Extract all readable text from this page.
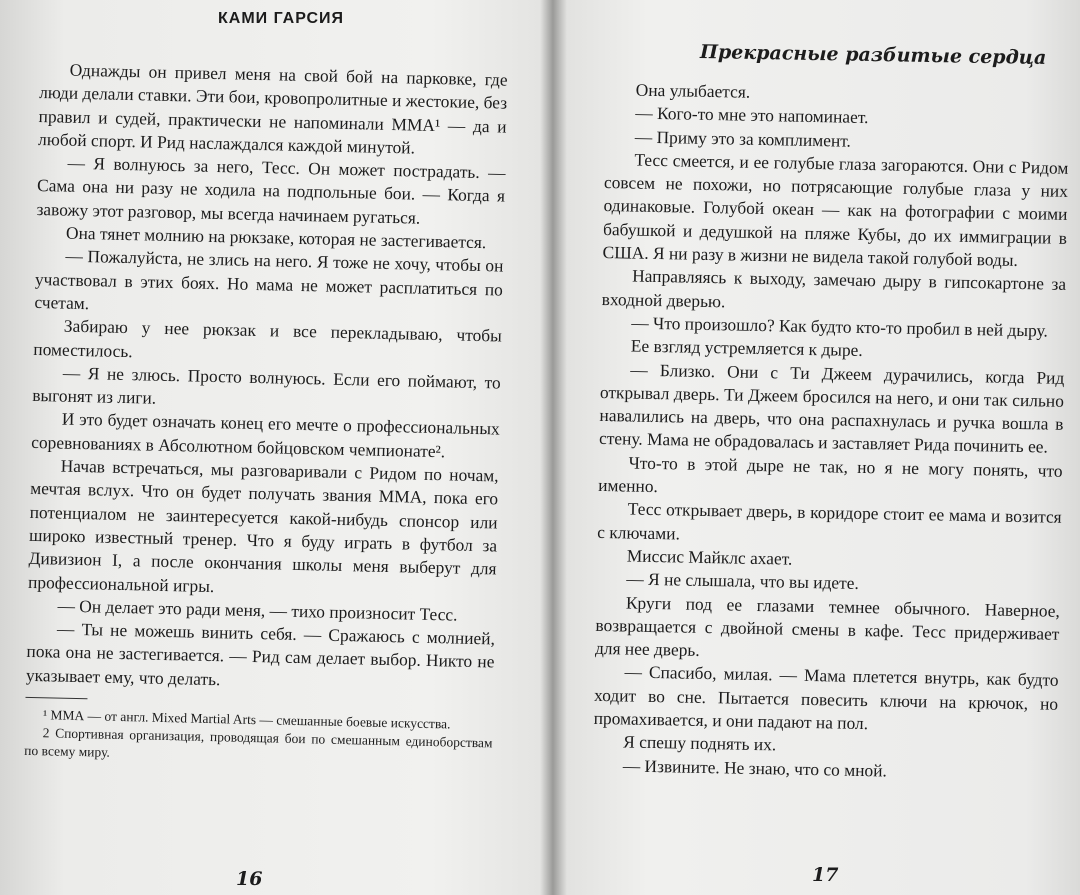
КАМИ ГАРСИЯ

Однажды он привел меня на свой бой на парковке, где люди делали ставки. Эти бои, кровопролитные и жестокие, без правил и судей, практически не напоминали ММА¹ — да и любой спорт. И Рид наслаждался каждой минутой.

— Я волнуюсь за него, Тесс. Он может пострадать. — Сама она ни разу не ходила на подпольные бои. — Когда я завожу этот разговор, мы всегда начинаем ругаться.

Она тянет молнию на рюкзаке, которая не застегивается.

— Пожалуйста, не злись на него. Я тоже не хочу, чтобы он участвовал в этих боях. Но мама не может расплатиться по счетам.

Забираю у нее рюкзак и все перекладываю, чтобы поместилось.

— Я не злюсь. Просто волнуюсь. Если его поймают, то выгонят из лиги.

И это будет означать конец его мечте о профессиональных соревнованиях в Абсолютном бойцовском чемпионате².

Начав встречаться, мы разговаривали с Ридом по ночам, мечтая вслух. Что он будет получать звания ММА, пока его потенциалом не заинтересуется какой-нибудь спонсор или широко известный тренер. Что я буду играть в футбол за Дивизион I, а после окончания школы меня выберут для профессиональной игры.

— Он делает это ради меня, — тихо произносит Тесс.

— Ты не можешь винить себя. — Сражаюсь с молнией, пока она не застегивается. — Рид сам делает выбор. Никто не указывает ему, что делать.

¹ ММА — от англ. Mixed Martial Arts — смешанные боевые искусства.

2 Спортивная организация, проводящая бои по смешанным единоборствам по всему миру.

16
Прекрасные разбитые сердца

Она улыбается.

— Кого-то мне это напоминает.

— Приму это за комплимент.

Тесс смеется, и ее голубые глаза загораются. Они с Ридом совсем не похожи, но потрясающие голубые глаза у них одинаковые. Голубой океан — как на фотографии с моими бабушкой и дедушкой на пляже Кубы, до их иммиграции в США. Я ни разу в жизни не видела такой голубой воды.

Направляясь к выходу, замечаю дыру в гипсокартоне за входной дверью.

— Что произошло? Как будто кто-то пробил в ней дыру.

Ее взгляд устремляется к дыре.

— Близко. Они с Ти Джеем дурачились, когда Рид открывал дверь. Ти Джеем бросился на него, и они так сильно навалились на дверь, что она распахнулась и ручка вошла в стену. Мама не обрадовалась и заставляет Рида починить ее.

Что-то в этой дыре не так, но я не могу понять, что именно.

Тесс открывает дверь, в коридоре стоит ее мама и возится с ключами.

Миссис Майклс ахает.

— Я не слышала, что вы идете.

Круги под ее глазами темнее обычного. Наверное, возвращается с двойной смены в кафе. Тесс придерживает для нее дверь.

— Спасибо, милая. — Мама плетется внутрь, как будто ходит во сне. Пытается повесить ключи на крючок, но промахивается, и они падают на пол.

Я спешу поднять их.

— Извините. Не знаю, что со мной.

17
